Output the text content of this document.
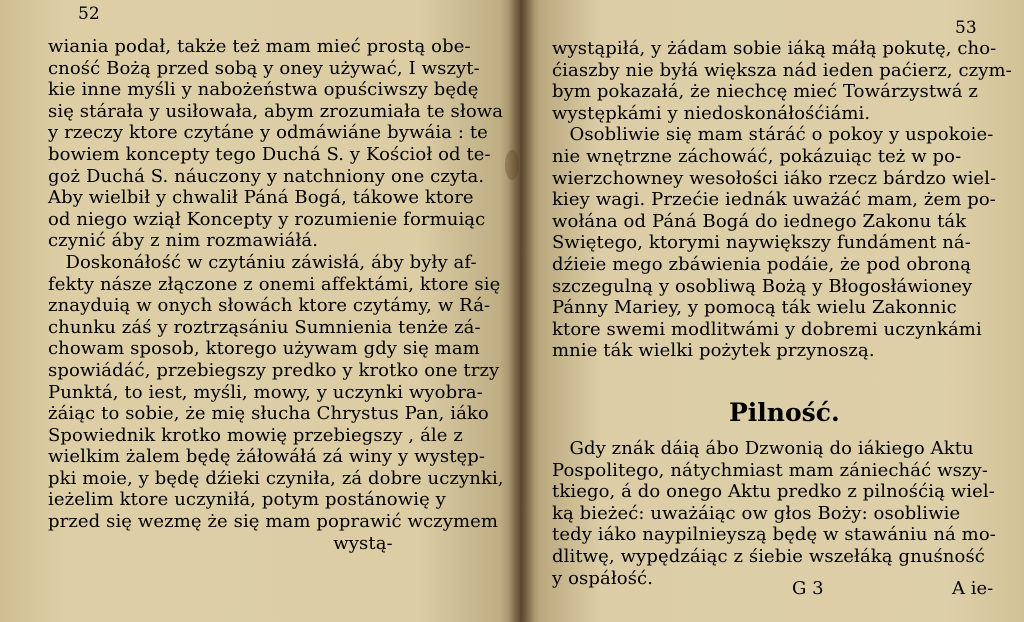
52
53
wiania podał, także też mam mieć prostą obe-
cność Bożą przed sobą y oney używać, I wszyt-
kie inne myśli y nabożeństwa opuściwszy będę
się stárała y usiłowała, abym zrozumiała te słowa
y rzeczy ktore czytáne y odmáwiáne bywáia : te
bowiem koncepty tego Duchá S. y Kościoł od te-
goż Duchá S. náuczony y natchniony one czyta.
Aby wielbił y chwalił Páná Bogá, tákowe ktore
od niego wziął Koncepty y rozumienie formuiąc
czynić áby z nim rozmawiáłá.
Doskonáłość w czytániu záwisłá, áby były af-
fekty násze złączone z onemi affektámi, ktore się
znayduią w onych słowách ktore czytámy, w Rá-
chunku záś y roztrząsániu Sumnienia tenże zá-
chowam sposob, ktorego używam gdy się mam
spowiádáć, przebiegszy predko y krotko one trzy
Punktá, to iest, myśli, mowy, y uczynki wyobra-
żáiąc to sobie, że mię słucha Chrystus Pan, iáko
Spowiednik krotko mowię przebiegszy , ále z
wielkim żalem będę żáłowáłá zá winy y występ-
pki moie, y będę dźieki czyniła, zá dobre uczynki,
ieżelim ktore uczyniłá, potym postánowię y
przed się wezmę że się mam poprawić wczymem
wystą-
wystąpiłá, y żádam sobie iáką máłą pokutę, cho-
ćiaszby nie byłá większa nád ieden paćierz, czym-
bym pokazałá, że niechcę mieć Towárzystwá z
występkámi y niedoskonáłośćiámi.
Osobliwie się mam stáráć o pokoy y uspokoie-
nie wnętrzne záchowáć, pokázuiąc też w po-
wierzchowney wesołości iáko rzecz bárdzo wiel-
kiey wagi. Przećie iednák uważáć mam, żem po-
wołána od Páná Bogá do iednego Zakonu ták
Swiętego, ktorymi naywiększy fundáment ná-
dźieie mego zbáwienia podáie, że pod obroną
szczegulną y osobliwą Bożą y Błogosłáwioney
Pánny Mariey, y pomocą ták wielu Zakonnic
ktore swemi modlitwámi y dobremi uczynkámi
mnie ták wielki pożytek przynoszą.
Pilność.
Gdy znák dáią ábo Dzwonią do iákiego Aktu
Pospolitego, nátychmiast mam zániecháć wszy-
tkiego, á do onego Aktu predko z pilnośćią wiel-
ką bieżeć: uważáiąc ow głos Boży: osobliwie
tedy iáko naypilnieyszą będę w stawániu ná mo-
dlitwę, wypędzáiąc z śiebie wszełáką gnuśność
y ospáłość.	G 3	A ie-
